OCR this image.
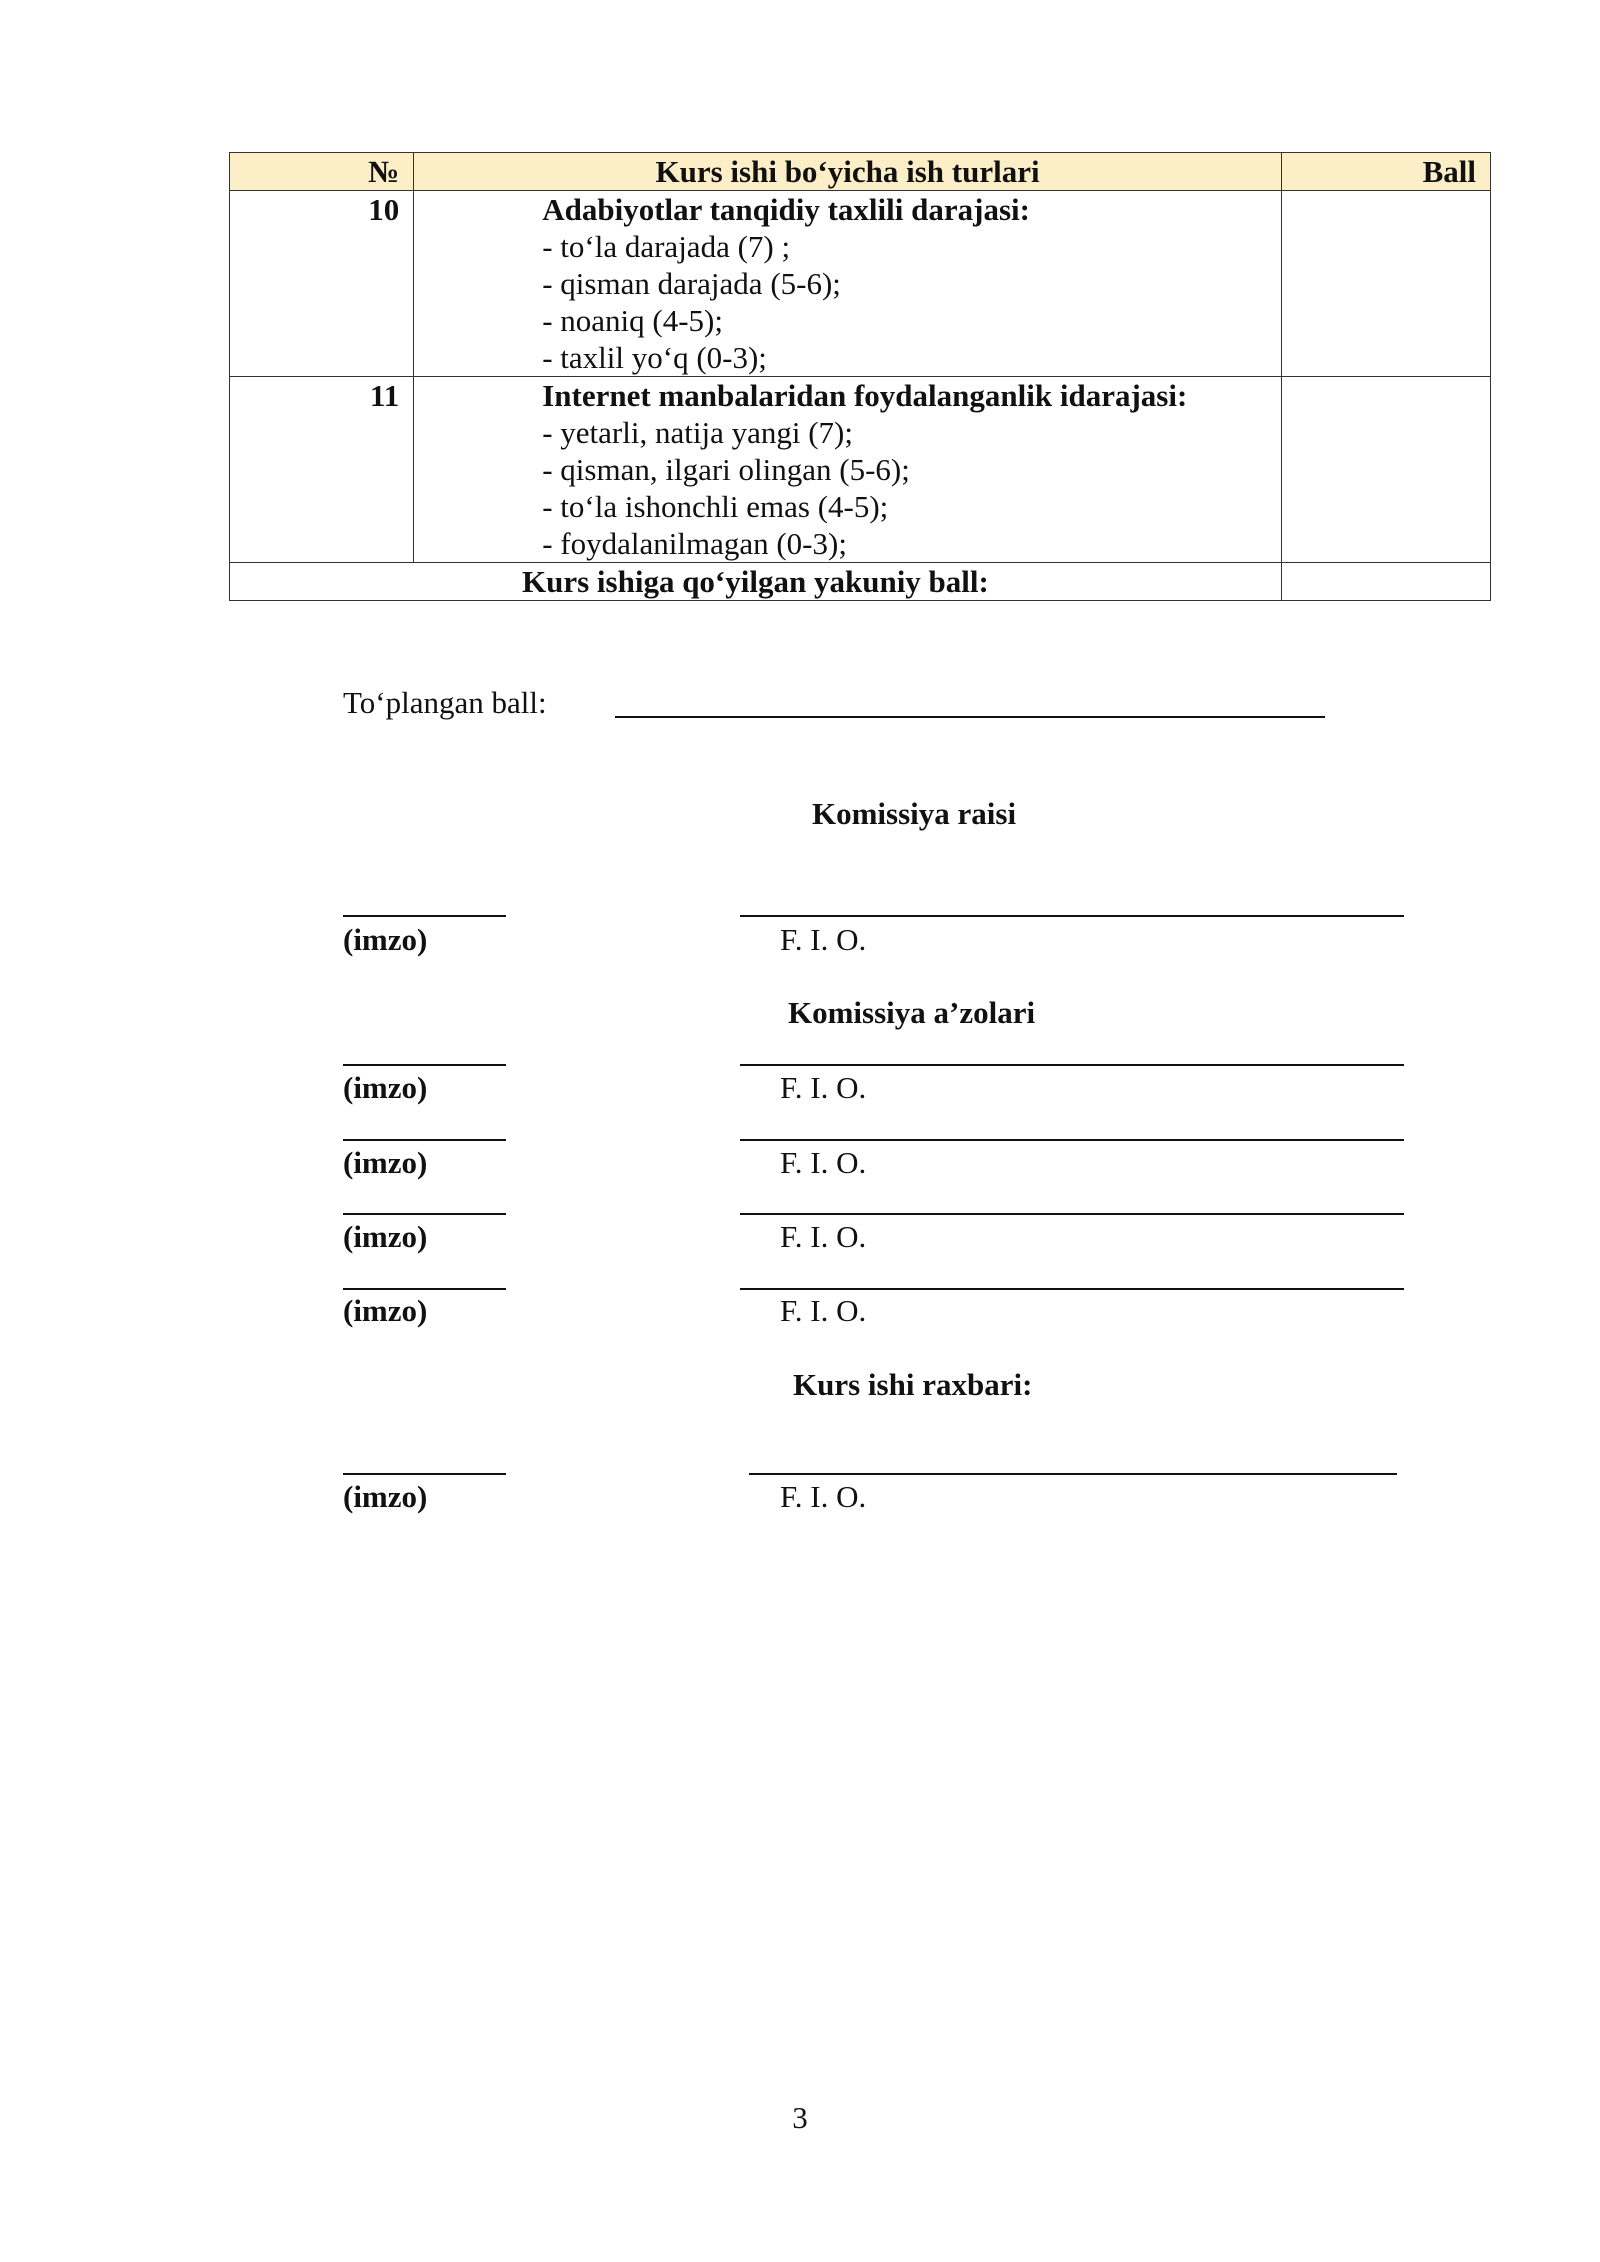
№	Kurs ishi bo‘yicha ish turlari	Ball
10	Adabiyotlar tanqidiy taxlili darajasi:
- to‘la darajada (7) ;
- qisman darajada (5-6);
- noaniq (4-5);
- taxlil yo‘q (0-3);	

11	Internet manbalaridan foydalanganlik idarajasi:
- yetarli, natija yangi (7);
- qisman, ilgari olingan (5-6);
- to‘la ishonchli emas (4-5);
- foydalanilmagan (0-3);	

Kurs ishiga qo‘yilgan yakuniy ball:		
To‘plangan ball:
Komissiya raisi
(imzo)	F. I. O.
Komissiya a’zolari
(imzo)	F. I. O.
(imzo)	F. I. O.
(imzo)	F. I. O.
(imzo)	F. I. O.
Kurs ishi raxbari:
(imzo)	F. I. O.
3
